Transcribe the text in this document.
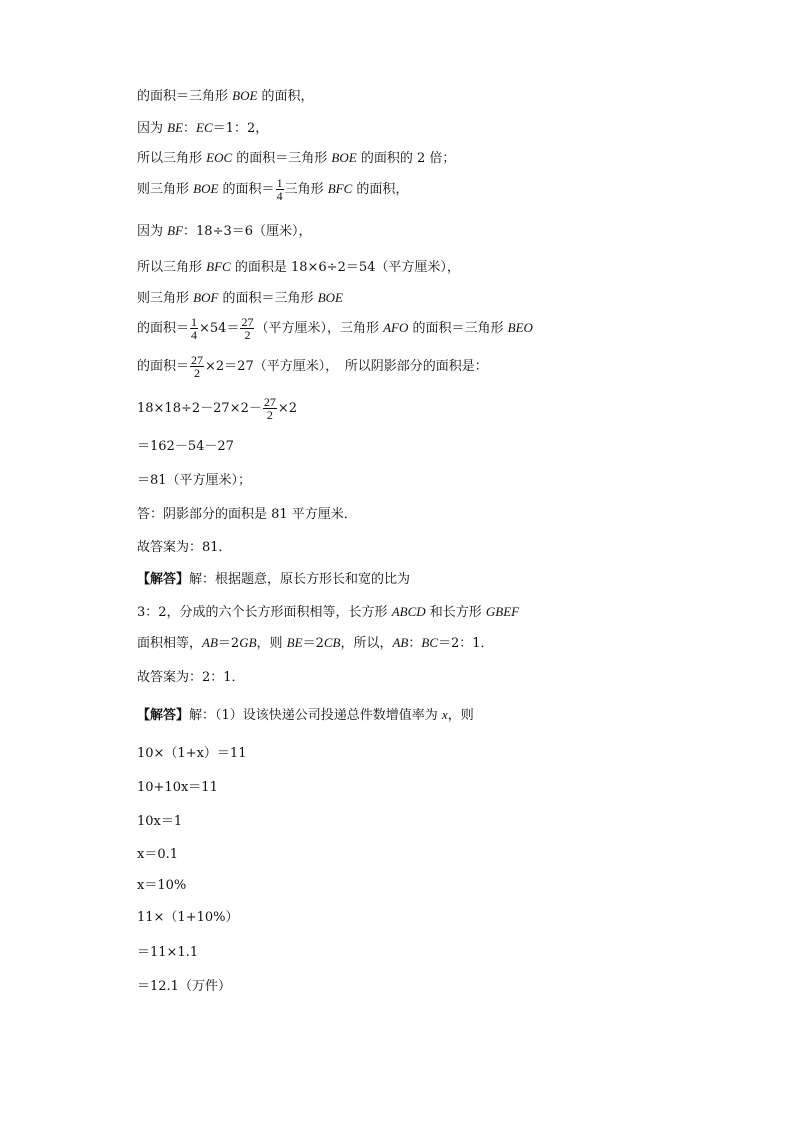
的面积＝三角形 BOE 的面积，
因为 BE：EC＝1：2，
所以三角形 EOC 的面积＝三角形 BOE 的面积的 2 倍；
则三角形 BOE 的面积＝ $\frac{1}{4}$ 三角形 BFC 的面积，
因为 BF：18÷3＝6（厘米），
所以三角形 BFC 的面积是 18×6÷2＝54（平方厘米），
则三角形 BOF 的面积＝三角形 BOE
的面积＝ $\frac{1}{4} \times 54= \frac{27}{2}$ （平方厘米），三角形 AFO 的面积＝三角形 BEO
的面积＝ $\frac{27}{2} \times 2=27$（平方厘米），　所以阴影部分的面积是：
$18\times 18\div 2-27\times 2- \frac{27}{2} \times 2$
＝162－54－27
＝81（平方厘米）；
答：阴影部分的面积是 81 平方厘米．
故答案为：81．
【解答】解：根据题意，原长方形长和宽的比为
3：2，分成的六个长方形面积相等，长方形 ABCD 和长方形 GBEF
面积相等，AB＝2GB，则 BE＝2CB，所以，AB：BC＝2：1．
故答案为：2：1．
【解答】解：（1）设该快递公司投递总件数增值率为 x，则
10×（1+x）＝11
10+10x＝11
10x＝1
x＝0.1
x＝10%
11×（1+10%）
＝11×1.1
＝12.1（万件）
